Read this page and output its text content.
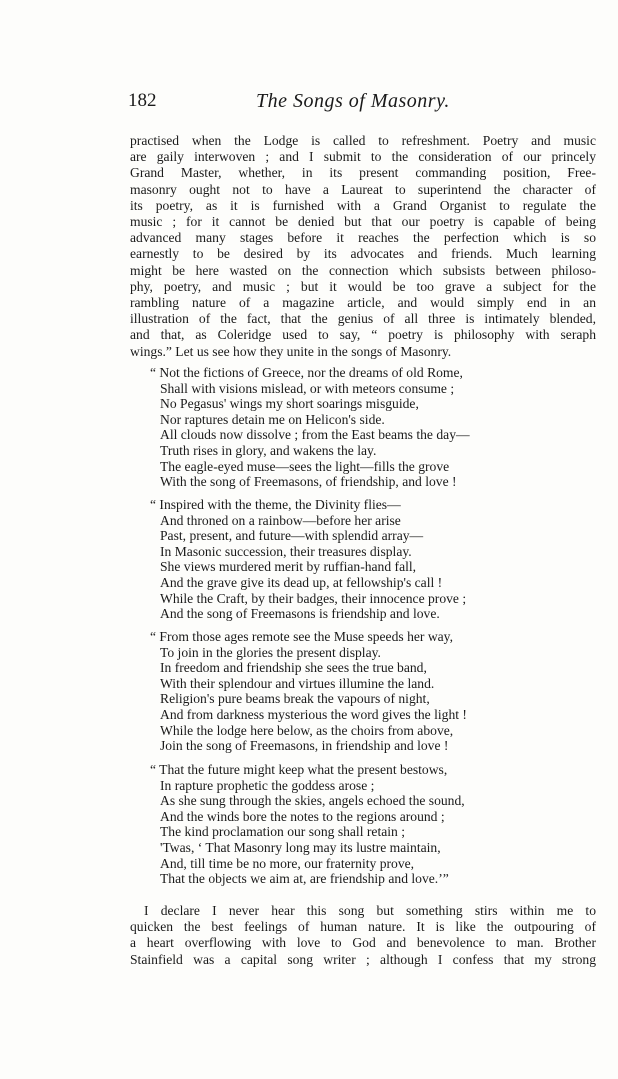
182	The Songs of Masonry.
practised when the Lodge is called to refreshment. Poetry and music
are gaily interwoven ; and I submit to the consideration of our princely
Grand Master, whether, in its present commanding position, Free-
masonry ought not to have a Laureat to superintend the character of
its poetry, as it is furnished with a Grand Organist to regulate the
music ; for it cannot be denied but that our poetry is capable of being
advanced many stages before it reaches the perfection which is so
earnestly to be desired by its advocates and friends. Much learning
might be here wasted on the connection which subsists between philoso-
phy, poetry, and music ; but it would be too grave a subject for the
rambling nature of a magazine article, and would simply end in an
illustration of the fact, that the genius of all three is intimately blended,
and that, as Coleridge used to say, “ poetry is philosophy with seraph
wings.” Let us see how they unite in the songs of Masonry.
“ Not the fictions of Greece, nor the dreams of old Rome,
Shall with visions mislead, or with meteors consume ;
No Pegasus' wings my short soarings misguide,
Nor raptures detain me on Helicon's side.
All clouds now dissolve ; from the East beams the day—
Truth rises in glory, and wakens the lay.
The eagle-eyed muse—sees the light—fills the grove
With the song of Freemasons, of friendship, and love !
“ Inspired with the theme, the Divinity flies—
And throned on a rainbow—before her arise
Past, present, and future—with splendid array—
In Masonic succession, their treasures display.
She views murdered merit by ruffian-hand fall,
And the grave give its dead up, at fellowship's call !
While the Craft, by their badges, their innocence prove ;
And the song of Freemasons is friendship and love.
“ From those ages remote see the Muse speeds her way,
To join in the glories the present display.
In freedom and friendship she sees the true band,
With their splendour and virtues illumine the land.
Religion's pure beams break the vapours of night,
And from darkness mysterious the word gives the light !
While the lodge here below, as the choirs from above,
Join the song of Freemasons, in friendship and love !
“ That the future might keep what the present bestows,
In rapture prophetic the goddess arose ;
As she sung through the skies, angels echoed the sound,
And the winds bore the notes to the regions around ;
The kind proclamation our song shall retain ;
'Twas, ‘ That Masonry long may its lustre maintain,
And, till time be no more, our fraternity prove,
That the objects we aim at, are friendship and love.’”
I declare I never hear this song but something stirs within me to
quicken the best feelings of human nature. It is like the outpouring of
a heart overflowing with love to God and benevolence to man. Brother
Stainfield was a capital song writer ; although I confess that my strong
